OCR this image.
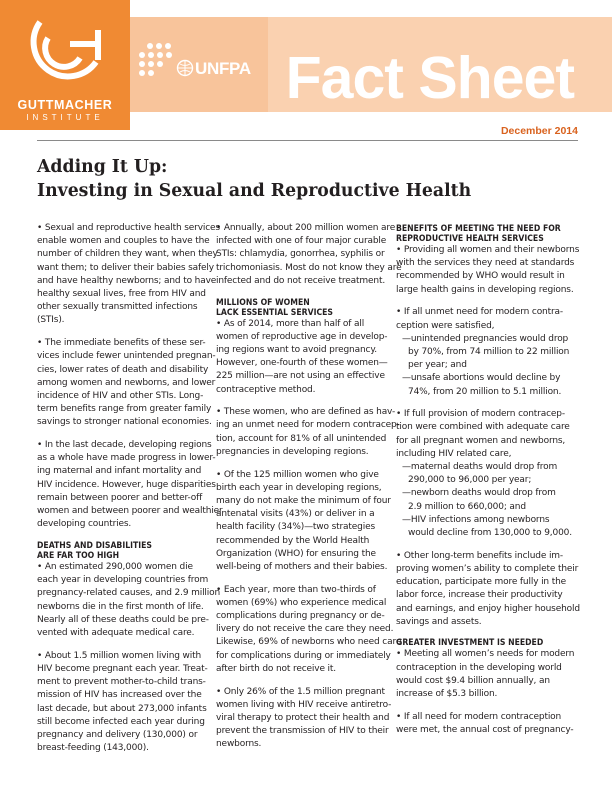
GUTTMACHER
INSTITUTE
UNFPA Fact Sheet
December 2014
Adding It Up:
Investing in Sexual and Reproductive Health

• Sexual and reproductive health services
enable women and couples to have the
number of children they want, when they
want them; to deliver their babies safely
and have healthy newborns; and to have
healthy sexual lives, free from HIV and
other sexually transmitted infections
(STIs).

• The immediate benefits of these ser-
vices include fewer unintended pregnan-
cies, lower rates of death and disability
among women and newborns, and lower
incidence of HIV and other STIs. Long-
term benefits range from greater family
savings to stronger national economies.

• In the last decade, developing regions
as a whole have made progress in lower-
ing maternal and infant mortality and
HIV incidence. However, huge disparities
remain between poorer and better-off
women and between poorer and wealthier
developing countries.

DEATHS AND DISABILITIES
ARE FAR TOO HIGH

• An estimated 290,000 women die
each year in developing countries from
pregnancy-related causes, and 2.9 million
newborns die in the first month of life.
Nearly all of these deaths could be pre-
vented with adequate medical care.

• About 1.5 million women living with
HIV become pregnant each year. Treat-
ment to prevent mother-to-child trans-
mission of HIV has increased over the
last decade, but about 273,000 infants
still become infected each year during
pregnancy and delivery (130,000) or
breast-feeding (143,000).

• Annually, about 200 million women are
infected with one of four major curable
STIs: chlamydia, gonorrhea, syphilis or
trichomoniasis. Most do not know they are
infected and do not receive treatment.

MILLIONS OF WOMEN
LACK ESSENTIAL SERVICES

• As of 2014, more than half of all
women of reproductive age in develop-
ing regions want to avoid pregnancy.
However, one-fourth of these women—
225 million—are not using an effective
contraceptive method.

• These women, who are defined as hav-
ing an unmet need for modern contracep-
tion, account for 81% of all unintended
pregnancies in developing regions.

• Of the 125 million women who give
birth each year in developing regions,
many do not make the minimum of four
antenatal visits (43%) or deliver in a
health facility (34%)—two strategies
recommended by the World Health
Organization (WHO) for ensuring the
well-being of mothers and their babies.

• Each year, more than two-thirds of
women (69%) who experience medical
complications during pregnancy or de-
livery do not receive the care they need.
Likewise, 69% of newborns who need care
for complications during or immediately
after birth do not receive it.

• Only 26% of the 1.5 million pregnant
women living with HIV receive antiretro-
viral therapy to protect their health and
prevent the transmission of HIV to their
newborns.

BENEFITS OF MEETING THE NEED FOR
REPRODUCTIVE HEALTH SERVICES

• Providing all women and their newborns
with the services they need at standards
recommended by WHO would result in
large health gains in developing regions.

• If all unmet need for modern contra-
ception were satisfied,
—unintended pregnancies would drop
by 70%, from 74 million to 22 million
per year; and
—unsafe abortions would decline by
74%, from 20 million to 5.1 million.

• If full provision of modern contracep-
tion were combined with adequate care
for all pregnant women and newborns,
including HIV related care,
—maternal deaths would drop from
290,000 to 96,000 per year;
—newborn deaths would drop from
2.9 million to 660,000; and
—HIV infections among newborns
would decline from 130,000 to 9,000.

• Other long-term benefits include im-
proving women’s ability to complete their
education, participate more fully in the
labor force, increase their productivity
and earnings, and enjoy higher household
savings and assets.

GREATER INVESTMENT IS NEEDED

• Meeting all women’s needs for modern
contraception in the developing world
would cost $9.4 billion annually, an
increase of $5.3 billion.

• If all need for modern contraception
were met, the annual cost of pregnancy-
